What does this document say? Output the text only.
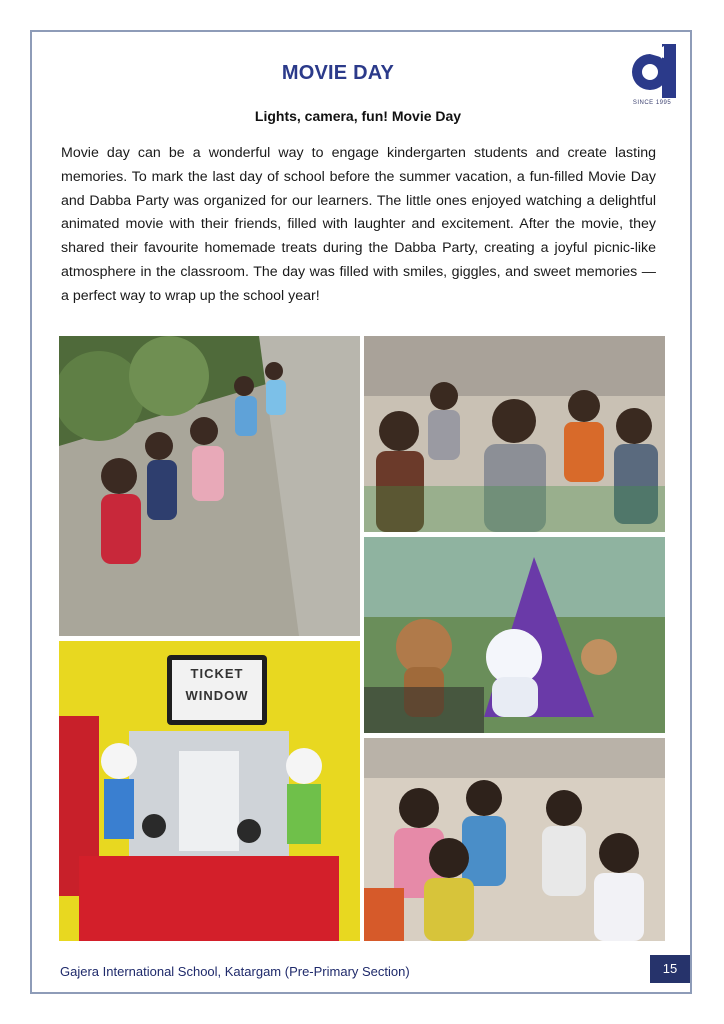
MOVIE DAY
SINCE 1995
Lights, camera, fun! Movie Day
Movie day can be a wonderful way to engage kindergarten students and create lasting memories. To mark the last day of school before the summer vacation, a fun-filled Movie Day and Dabba Party was organized for our learners. The little ones enjoyed watching a delightful animated movie with their friends, filled with laughter and excitement. After the movie, they shared their favourite homemade treats during the Dabba Party, creating a joyful picnic-like atmosphere in the classroom. The day was filled with smiles, giggles, and sweet memories — a perfect way to wrap up the school year!
TICKET WINDOW
Gajera International School, Katargam (Pre-Primary Section)	15
